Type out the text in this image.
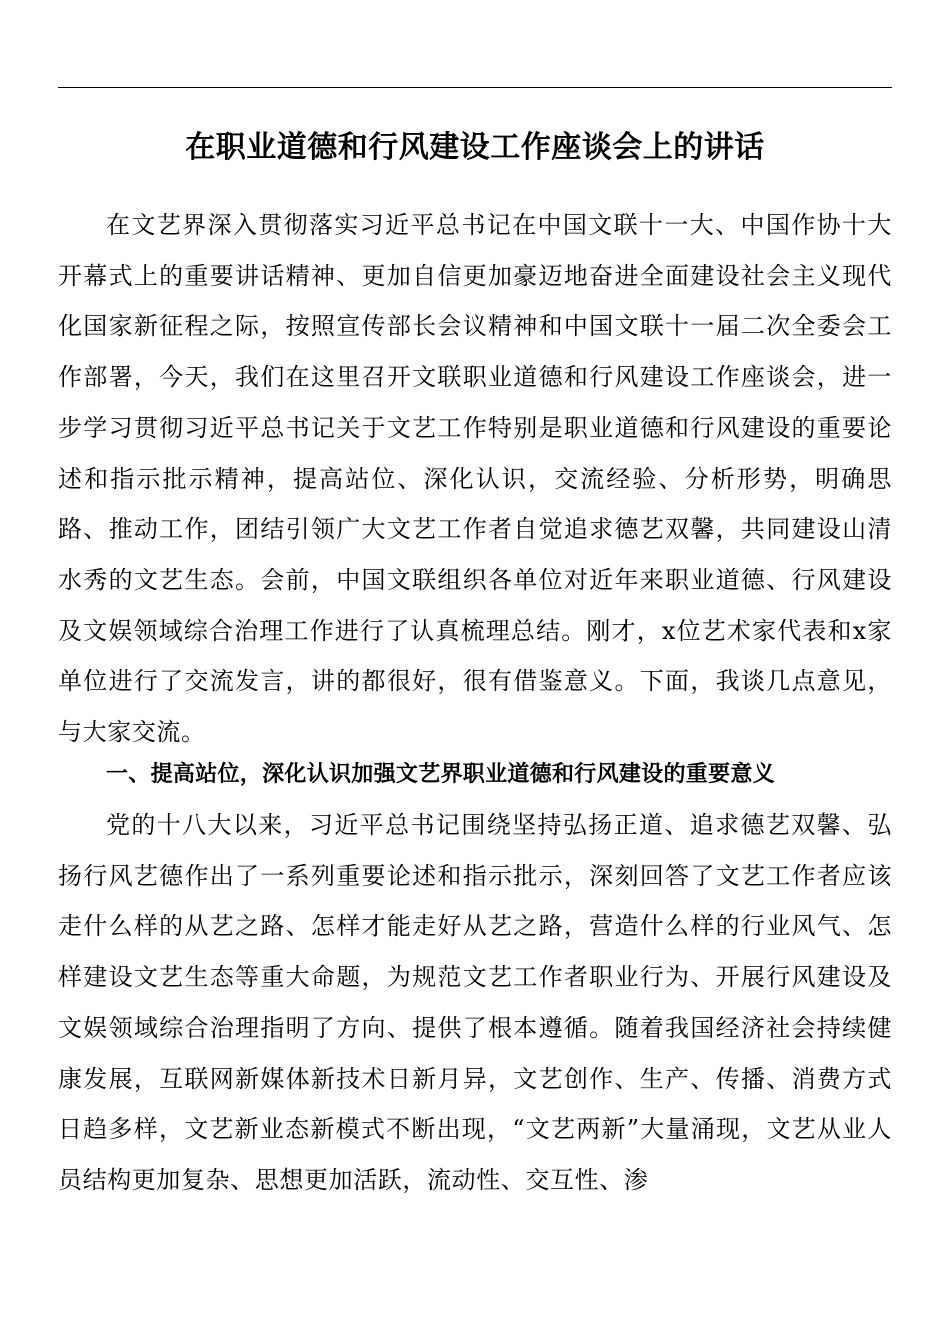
在职业道德和行风建设工作座谈会上的讲话

在文艺界深入贯彻落实习近平总书记在中国文联十一大、中国作协十大开幕式上的重要讲话精神、更加自信更加豪迈地奋进全面建设社会主义现代化国家新征程之际，按照宣传部长会议精神和中国文联十一届二次全委会工作部署，今天，我们在这里召开文联职业道德和行风建设工作座谈会，进一步学习贯彻习近平总书记关于文艺工作特别是职业道德和行风建设的重要论述和指示批示精神，提高站位、深化认识，交流经验、分析形势，明确思路、推动工作，团结引领广大文艺工作者自觉追求德艺双馨，共同建设山清水秀的文艺生态。会前，中国文联组织各单位对近年来职业道德、行风建设及文娱领域综合治理工作进行了认真梳理总结。刚才，x位艺术家代表和x家单位进行了交流发言，讲的都很好，很有借鉴意义。下面，我谈几点意见，与大家交流。

一、提高站位，深化认识加强文艺界职业道德和行风建设的重要意义

党的十八大以来，习近平总书记围绕坚持弘扬正道、追求德艺双馨、弘扬行风艺德作出了一系列重要论述和指示批示，深刻回答了文艺工作者应该走什么样的从艺之路、怎样才能走好从艺之路，营造什么样的行业风气、怎样建设文艺生态等重大命题，为规范文艺工作者职业行为、开展行风建设及文娱领域综合治理指明了方向、提供了根本遵循。随着我国经济社会持续健康发展，互联网新媒体新技术日新月异，文艺创作、生产、传播、消费方式日趋多样，文艺新业态新模式不断出现，“文艺两新”大量涌现，文艺从业人员结构更加复杂、思想更加活跃，流动性、交互性、渗
